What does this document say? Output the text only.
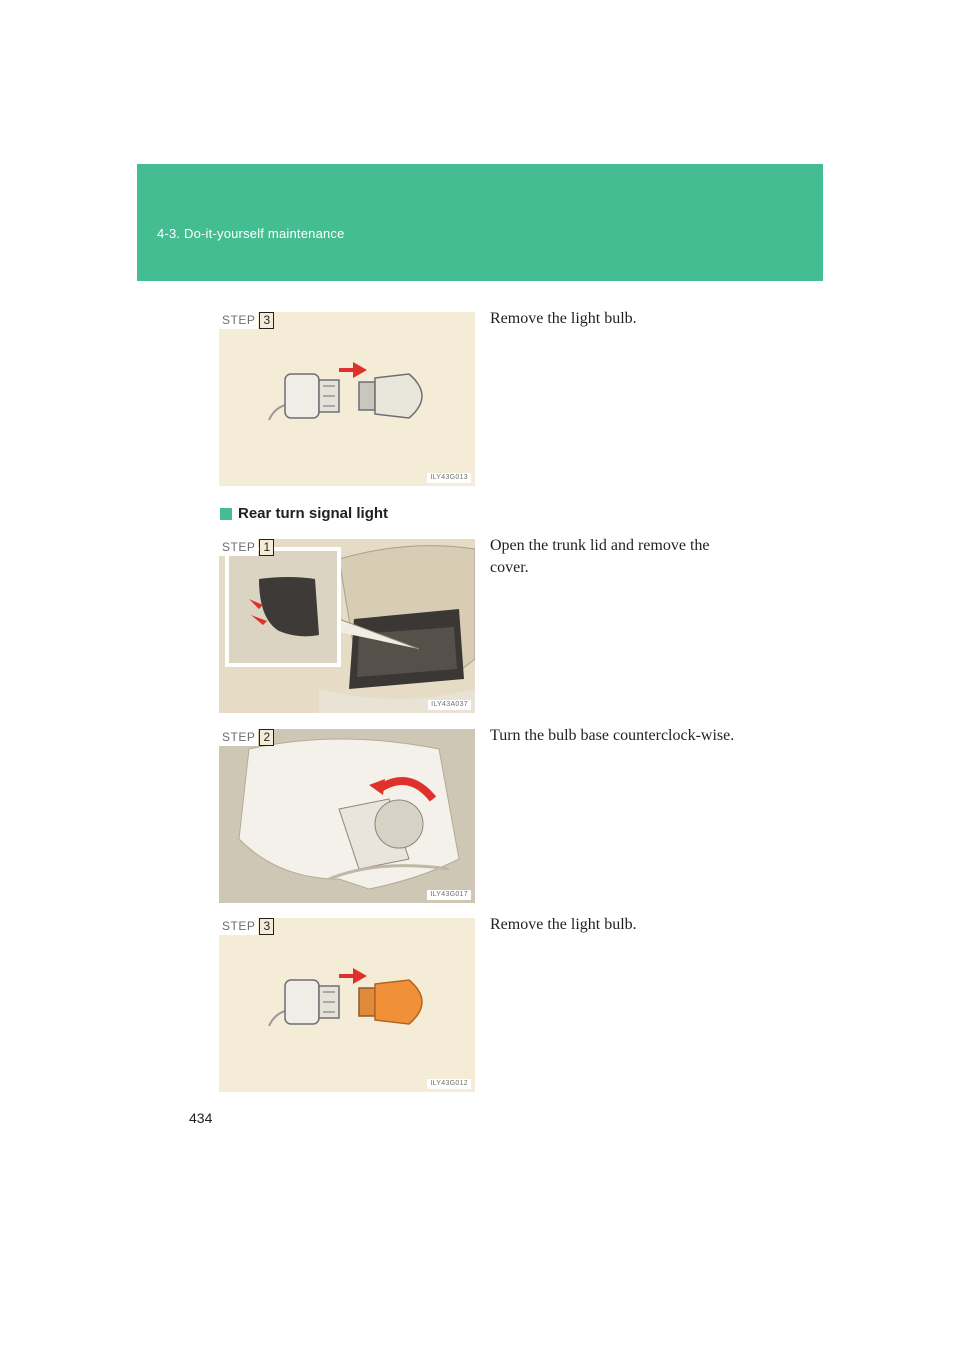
4-3. Do-it-yourself maintenance
STEP 3
ILY43G013
Remove the light bulb.
Rear turn signal light
STEP 1
ILY43A037
Open the trunk lid and remove the cover.
STEP 2
ILY43G017
Turn the bulb base counterclock-wise.
STEP 3
ILY43G012
Remove the light bulb.
434
